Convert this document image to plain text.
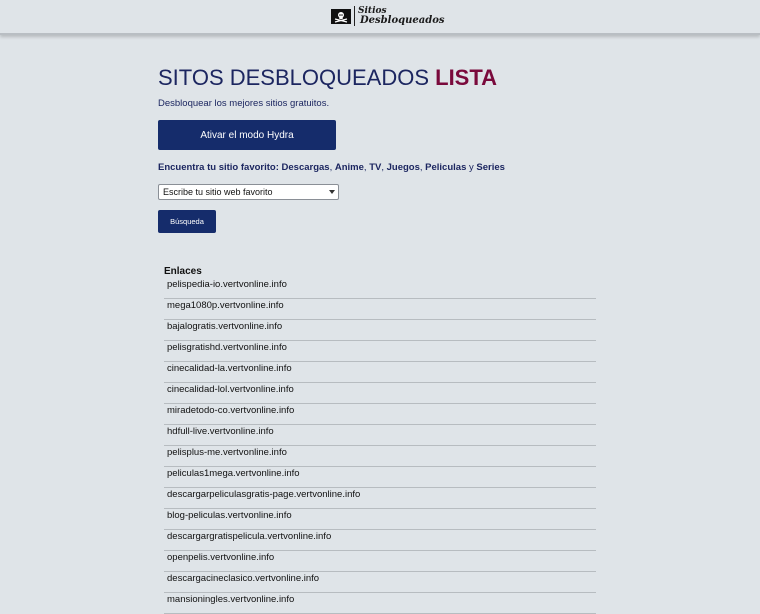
Sitios
Desbloqueados
SITOS DESBLOQUEADOS LISTA
Desbloquear los mejores sitios gratuitos.
Ativar el modo Hydra
Encuentra tu sitio favorito: Descargas, Anime, TV, Juegos, Peliculas y Series
Escribe tu sitio web favorito
Búsqueda
Enlaces
pelispedia-io.vertvonline.info
mega1080p.vertvonline.info
bajalogratis.vertvonline.info
pelisgratishd.vertvonline.info
cinecalidad-la.vertvonline.info
cinecalidad-lol.vertvonline.info
miradetodo-co.vertvonline.info
hdfull-live.vertvonline.info
pelisplus-me.vertvonline.info
peliculas1mega.vertvonline.info
descargarpeliculasgratis-page.vertvonline.info
blog-peliculas.vertvonline.info
descargargratispelicula.vertvonline.info
openpelis.vertvonline.info
descargacineclasico.vertvonline.info
mansioningles.vertvonline.info
